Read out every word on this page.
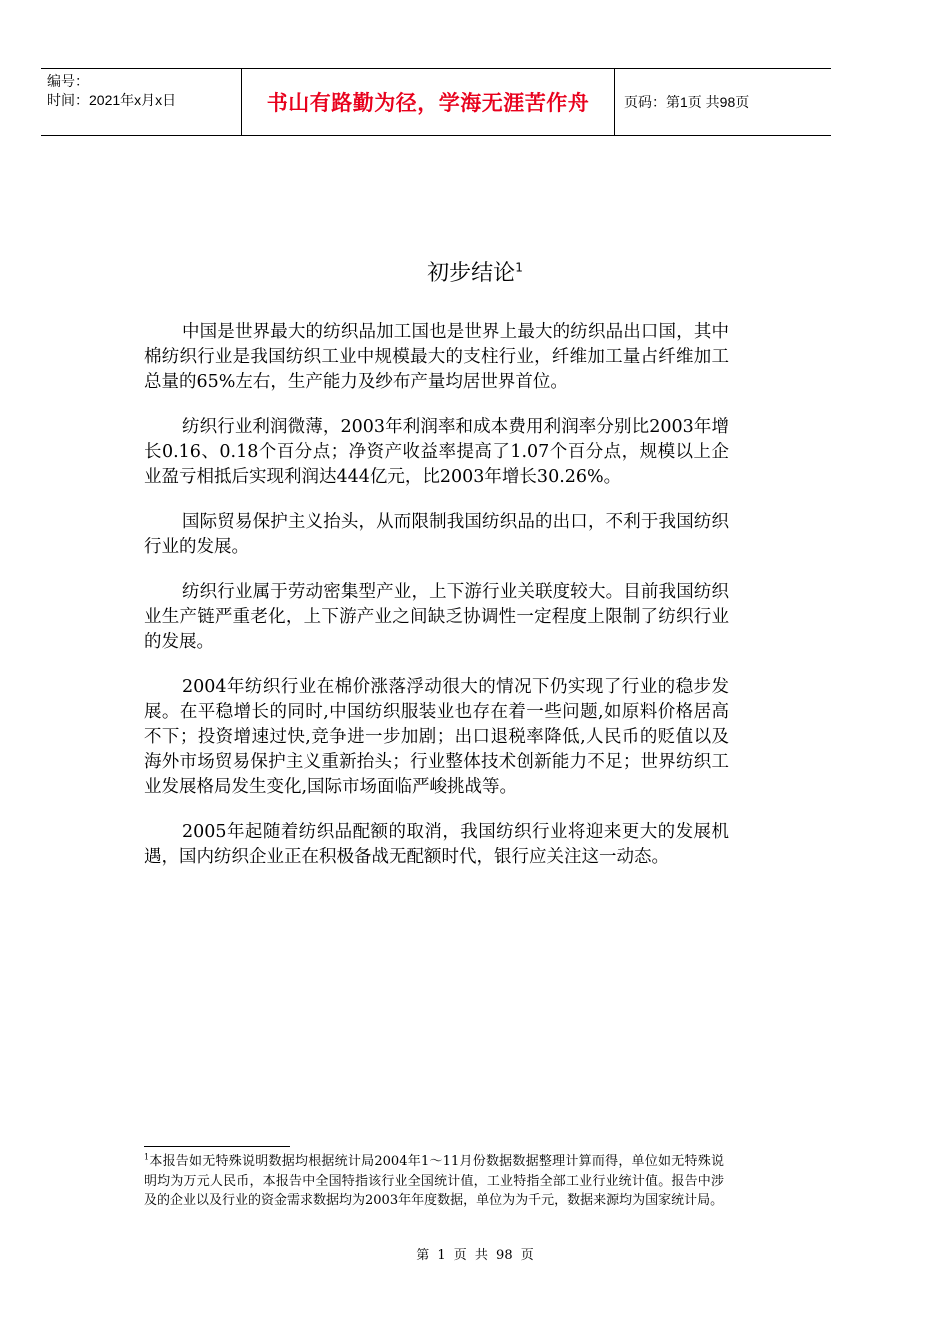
编号：
时间：2021年x月x日	书山有路勤为径，学海无涯苦作舟	页码：第1页 共98页
初步结论$^1$

中国是世界最大的纺织品加工国也是世界上最大的纺织品出口国，其中棉纺织行业是我国纺织工业中规模最大的支柱行业，纤维加工量占纤维加工总量的65%左右，生产能力及纱布产量均居世界首位。

纺织行业利润微薄，2003年利润率和成本费用利润率分别比2003年增长0.16、0.18个百分点；净资产收益率提高了1.07个百分点，规模以上企业盈亏相抵后实现利润达444亿元，比2003年增长30.26%。

国际贸易保护主义抬头，从而限制我国纺织品的出口，不利于我国纺织行业的发展。

纺织行业属于劳动密集型产业，上下游行业关联度较大。目前我国纺织业生产链严重老化，上下游产业之间缺乏协调性一定程度上限制了纺织行业的发展。

2004年纺织行业在棉价涨落浮动很大的情况下仍实现了行业的稳步发展。在平稳增长的同时,中国纺织服装业也存在着一些问题,如原料价格居高不下；投资增速过快,竞争进一步加剧；出口退税率降低,人民币的贬值以及海外市场贸易保护主义重新抬头；行业整体技术创新能力不足；世界纺织工业发展格局发生变化,国际市场面临严峻挑战等。

2005年起随着纺织品配额的取消，我国纺织行业将迎来更大的发展机遇，国内纺织企业正在积极备战无配额时代，银行应关注这一动态。

$^1$本报告如无特殊说明数据均根据统计局2004年1～11月份数据数据整理计算而得，单位如无特殊说明均为万元人民币，本报告中全国特指该行业全国统计值，工业特指全部工业行业统计值。报告中涉及的企业以及行业的资金需求数据均为2003年年度数据，单位为为千元，数据来源均为国家统计局。
第 1 页 共 98 页
